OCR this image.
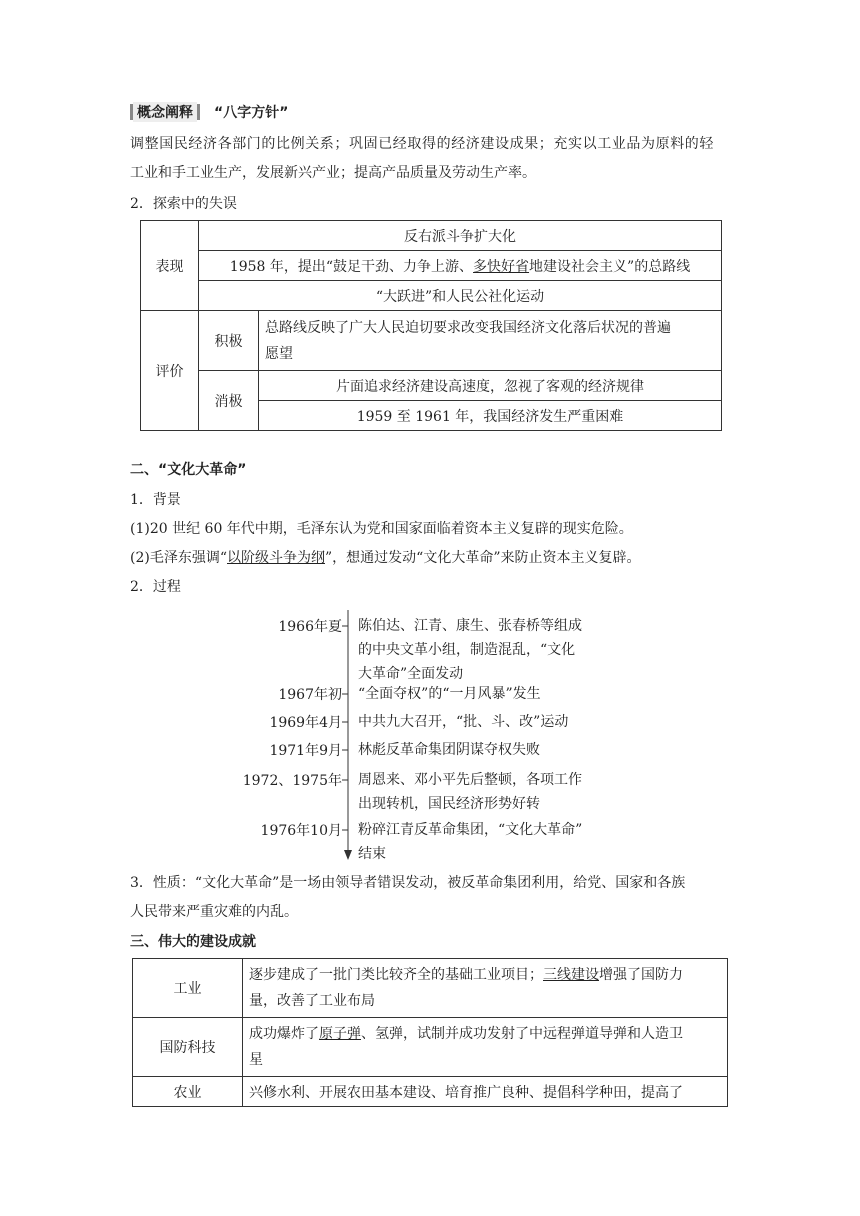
概念阐释 “八字方针”
调整国民经济各部门的比例关系；巩固已经取得的经济建设成果；充实以工业品为原料的轻
工业和手工业生产，发展新兴产业；提高产品质量及劳动生产率。
2．探索中的失误
表现	反右派斗争扩大化	
	1958 年，提出“鼓足干劲、力争上游、多快好省地建设社会主义”的总路线	
	“大跃进”和人民公社化运动	
评价	积极	总路线反映了广大人民迫切要求改变我国经济文化落后状况的普遍
愿望

	消极	片面追求经济建设高速度，忽视了客观的经济规律
		1959 至 1961 年，我国经济发生严重困难
二、“文化大革命”
1．背景
(1)20 世纪 60 年代中期，毛泽东认为党和国家面临着资本主义复辟的现实危险。
(2)毛泽东强调“以阶级斗争为纲”，想通过发动“文化大革命”来防止资本主义复辟。
2．过程
1966年夏 陈伯达、江青、康生、张春桥等组成
的中央文革小组，制造混乱，“文化
大革命”全面发动
1967年初 “全面夺权”的“一月风暴”发生
1969年4月 中共九大召开，“批、斗、改”运动
1971年9月 林彪反革命集团阴谋夺权失败
1972、1975年 周恩来、邓小平先后整顿，各项工作
出现转机，国民经济形势好转
1976年10月 粉碎江青反革命集团，“文化大革命”
结束
3．性质：“文化大革命”是一场由领导者错误发动，被反革命集团利用，给党、国家和各族
人民带来严重灾难的内乱。
三、伟大的建设成就
工业	逐步建成了一批门类比较齐全的基础工业项目；三线建设增强了国防力
量，改善了工业布局

国防科技	成功爆炸了原子弹、氢弹，试制并成功发射了中远程弹道导弹和人造卫
星

农业	兴修水利、开展农田基本建设、培育推广良种、提倡科学种田，提高了
